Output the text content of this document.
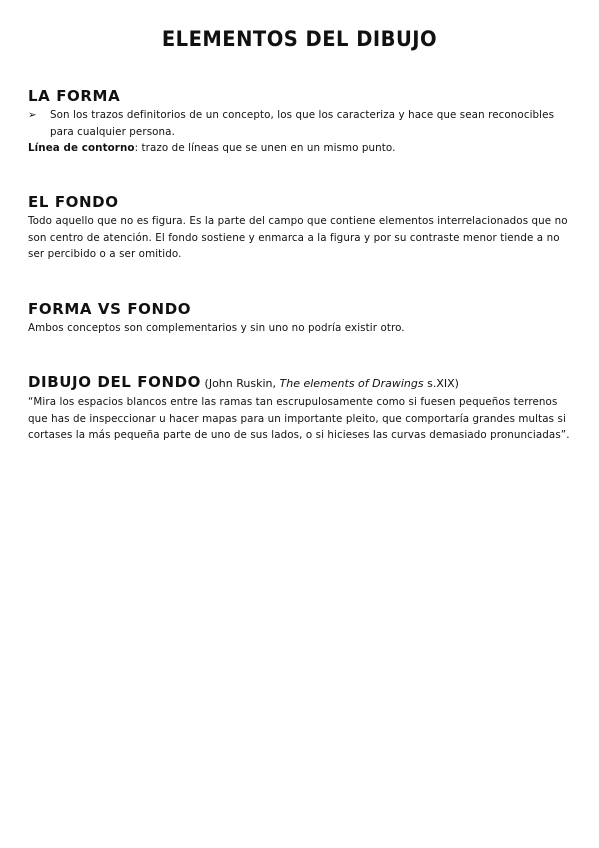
ELEMENTOS DEL DIBUJO
LA FORMA
➢ Son los trazos definitorios de un concepto, los que los caracteriza y hace que sean reconocibles para cualquier persona.
Línea de contorno: trazo de líneas que se unen en un mismo punto.
EL FONDO
Todo aquello que no es figura. Es la parte del campo que contiene elementos interrelacionados que no son centro de atención. El fondo sostiene y enmarca a la figura y por su contraste menor tiende a no ser percibido o a ser omitido.
FORMA VS FONDO
Ambos conceptos son complementarios y sin uno no podría existir otro.
DIBUJO DEL FONDO (John Ruskin, The elements of Drawings s.XIX)
“Mira los espacios blancos entre las ramas tan escrupulosamente como si fuesen pequeños terrenos que has de inspeccionar u hacer mapas para un importante pleito, que comportaría grandes multas si cortases la más pequeña parte de uno de sus lados, o si hicieses las curvas demasiado pronunciadas”.
